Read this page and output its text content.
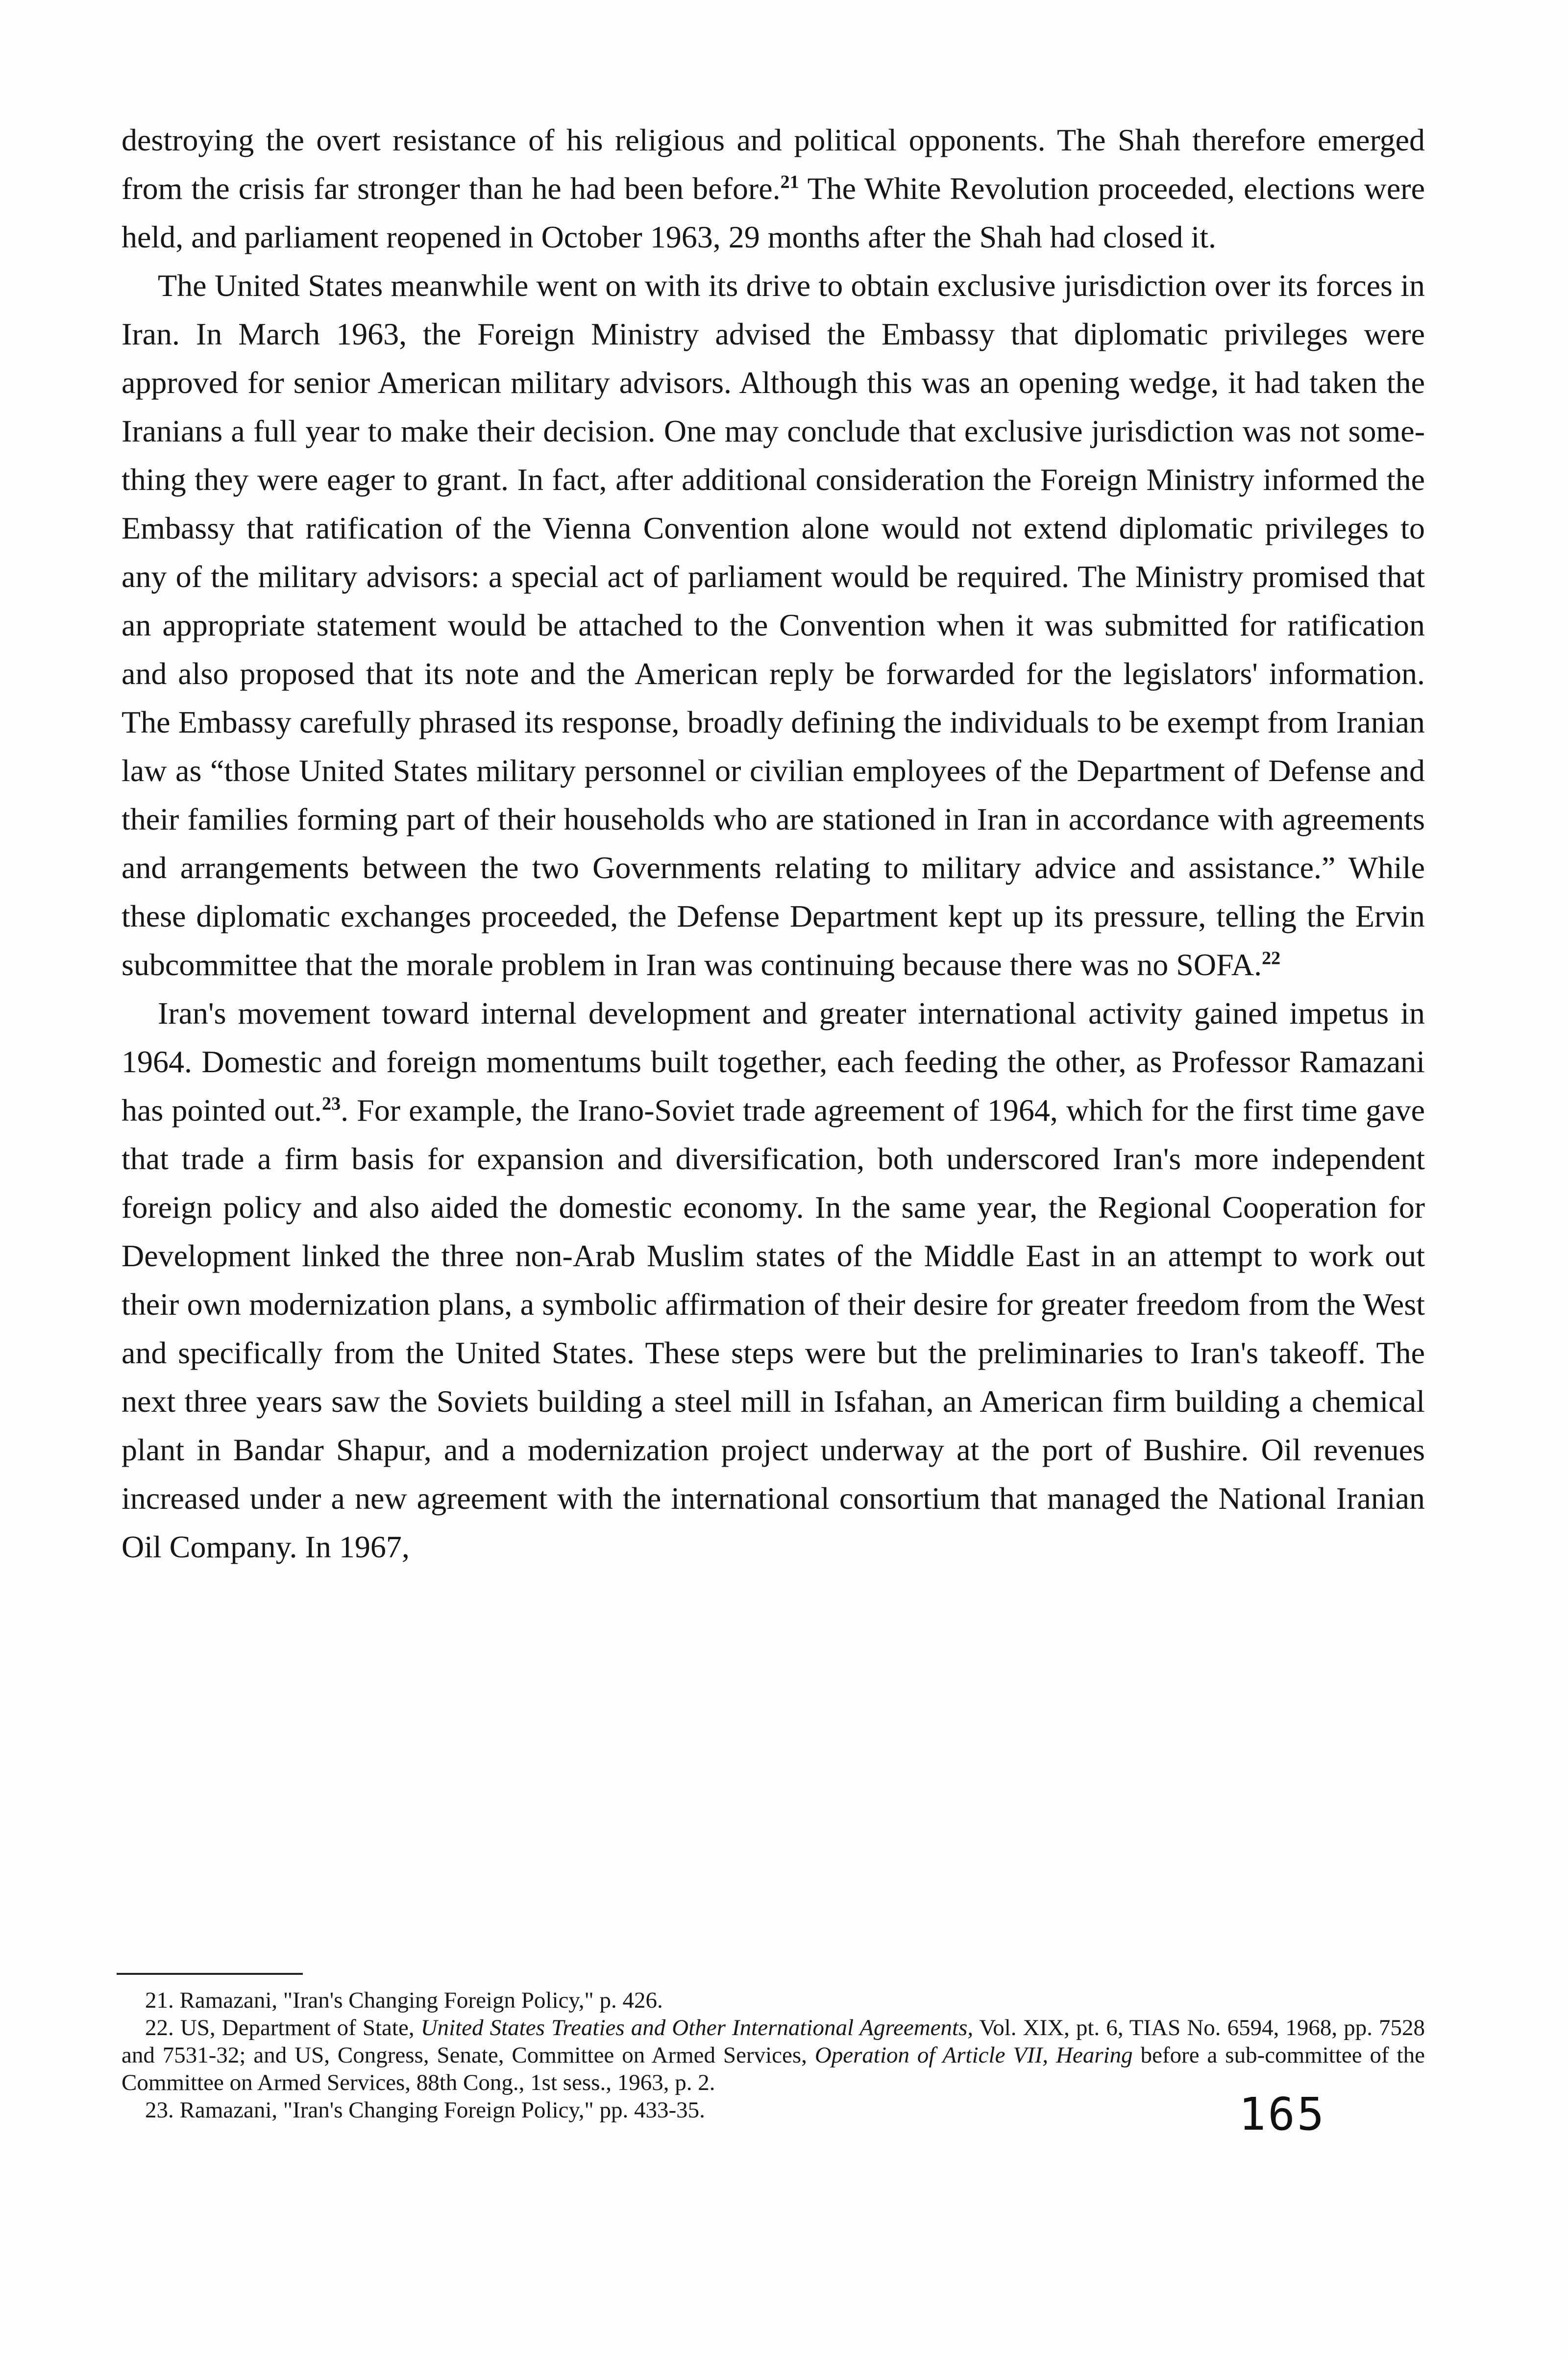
destroying the overt resistance of his religious and political opponents. The Shah therefore emerged from the crisis far stronger than he had been before.$^{21}$ The White Revolution proceeded, elections were held, and parliament reopened in October 1963, 29 months after the Shah had closed it.

The United States meanwhile went on with its drive to obtain exclusive jurisdiction over its forces in Iran. In March 1963, the Foreign Ministry advised the Embassy that diplomatic privileges were approved for senior American military advisors. Although this was an opening wedge, it had taken the Iranians a full year to make their decision. One may conclude that exclusive jurisdiction was not something they were eager to grant. In fact, after additional consideration the Foreign Ministry informed the Embassy that ratification of the Vienna Convention alone would not extend diplomatic privileges to any of the military advisors: a special act of parliament would be required. The Ministry promised that an appropriate statement would be attached to the Convention when it was submitted for ratification and also proposed that its note and the American reply be forwarded for the legislators' information. The Embassy carefully phrased its response, broadly defining the individuals to be exempt from Iranian law as “those United States military personnel or civilian employees of the Department of Defense and their families forming part of their households who are stationed in Iran in accordance with agreements and arrangements between the two Governments relating to military advice and assistance.” While these diplomatic exchanges proceeded, the Defense Department kept up its pressure, telling the Ervin subcommittee that the morale problem in Iran was continuing because there was no SOFA.$^{22}$

Iran's movement toward internal development and greater international activity gained impetus in 1964. Domestic and foreign momentums built together, each feeding the other, as Professor Ramazani has pointed out.$^{23}$. For example, the Irano-Soviet trade agreement of 1964, which for the first time gave that trade a firm basis for expansion and diversification, both underscored Iran's more independent foreign policy and also aided the domestic economy. In the same year, the Regional Cooperation for Development linked the three non-Arab Muslim states of the Middle East in an attempt to work out their own modernization plans, a symbolic affirmation of their desire for greater freedom from the West and specifically from the United States. These steps were but the preliminaries to Iran's takeoff. The next three years saw the Soviets building a steel mill in Isfahan, an American firm building a chemical plant in Bandar Shapur, and a modernization project underway at the port of Bushire. Oil revenues increased under a new agreement with the international consortium that managed the National Iranian Oil Company. In 1967,

21. Ramazani, "Iran's Changing Foreign Policy," p. 426.

22. US, Department of State, United States Treaties and Other International Agreements, Vol. XIX, pt. 6, TIAS No. 6594, 1968, pp. 7528 and 7531-32; and US, Congress, Senate, Committee on Armed Services, Operation of Article VII, Hearing before a sub-committee of the Committee on Armed Services, 88th Cong., 1st sess., 1963, p. 2.

23. Ramazani, "Iran's Changing Foreign Policy," pp. 433-35.	165
